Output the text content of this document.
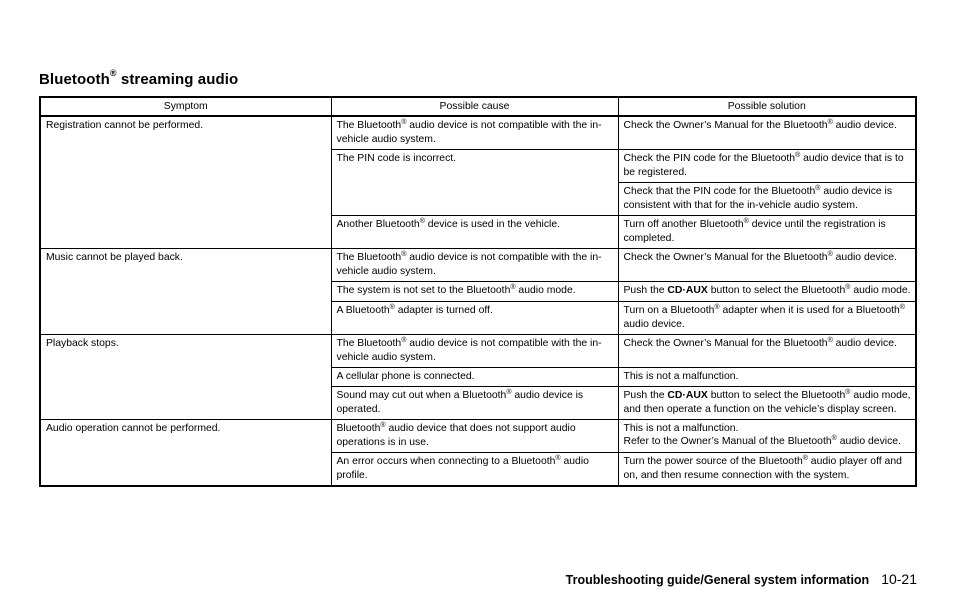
Bluetooth® streaming audio
Symptom	Possible cause	Possible solution
Registration cannot be performed.	The Bluetooth® audio device is not compatible with the in-vehicle audio system.	Check the Owner’s Manual for the Bluetooth® audio device.
	The PIN code is incorrect.	Check the PIN code for the Bluetooth® audio device that is to be registered.
		Check that the PIN code for the Bluetooth® audio device is consistent with that for the in-vehicle audio system.
	Another Bluetooth® device is used in the vehicle.	Turn off another Bluetooth® device until the registration is completed.
Music cannot be played back.	The Bluetooth® audio device is not compatible with the in-vehicle audio system.	Check the Owner’s Manual for the Bluetooth® audio device.
	The system is not set to the Bluetooth® audio mode.	Push the CD·AUX button to select the Bluetooth® audio mode.
	A Bluetooth® adapter is turned off.	Turn on a Bluetooth® adapter when it is used for a Bluetooth® audio device.
Playback stops.	The Bluetooth® audio device is not compatible with the in-vehicle audio system.	Check the Owner’s Manual for the Bluetooth® audio device.
	A cellular phone is connected.	This is not a malfunction.
	Sound may cut out when a Bluetooth® audio device is operated.	Push the CD·AUX button to select the Bluetooth® audio mode, and then operate a function on the vehicle’s display screen.
Audio operation cannot be performed.	Bluetooth® audio device that does not support audio operations is in use.	This is not a malfunction.
Refer to the Owner’s Manual of the Bluetooth® audio device.

	An error occurs when connecting to a Bluetooth® audio profile.	Turn the power source of the Bluetooth® audio player off and on, and then resume connection with the system.
Troubleshooting guide/General system information 10-21
